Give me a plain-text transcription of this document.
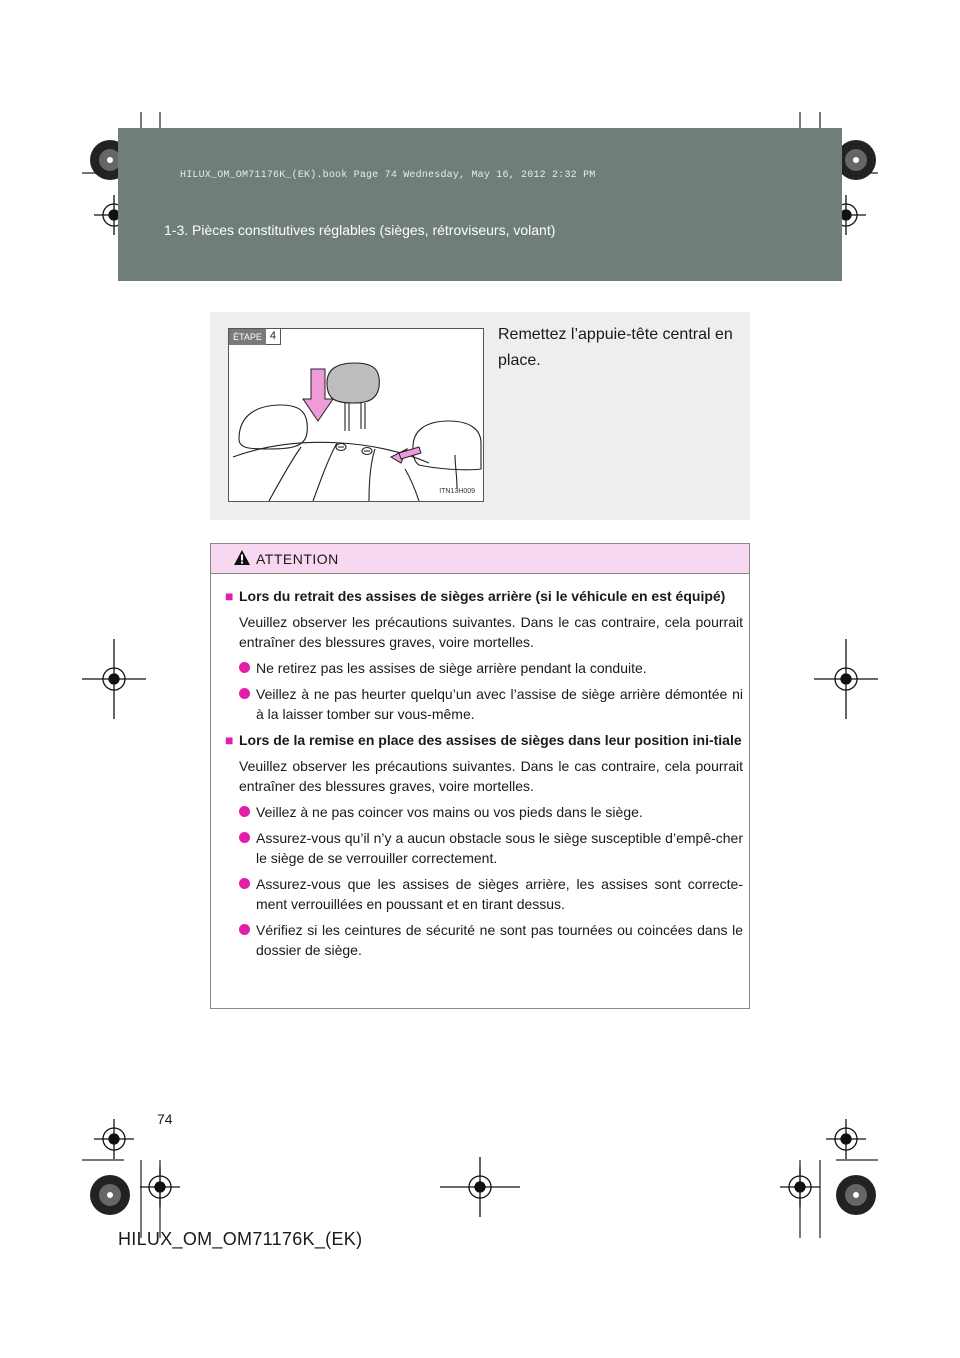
HILUX_OM_OM71176K_(EK).book Page 74 Wednesday, May 16, 2012 2:32 PM
1-3. Pièces constitutives réglables (sièges, rétroviseurs, volant)
ÉTAPE 4
ITN13H009
Remettez l’appuie-tête central en place.
ATTENTION
■ Lors du retrait des assises de sièges arrière (si le véhicule en est équipé)
Veuillez observer les précautions suivantes. Dans le cas contraire, cela pourrait entraîner des blessures graves, voire mortelles.
Ne retirez pas les assises de siège arrière pendant la conduite.
Veillez à ne pas heurter quelqu’un avec l’assise de siège arrière démontée ni à la laisser tomber sur vous-même.
■ Lors de la remise en place des assises de sièges dans leur position ini-tiale
Veuillez observer les précautions suivantes. Dans le cas contraire, cela pourrait entraîner des blessures graves, voire mortelles.
Veillez à ne pas coincer vos mains ou vos pieds dans le siège.
Assurez-vous qu’il n’y a aucun obstacle sous le siège susceptible d’empê-cher le siège de se verrouiller correctement.
Assurez-vous que les assises de sièges arrière, les assises sont correcte-ment verrouillées en poussant et en tirant dessus.
Vérifiez si les ceintures de sécurité ne sont pas tournées ou coincées dans le dossier de siège.
74
HILUX_OM_OM71176K_(EK)
